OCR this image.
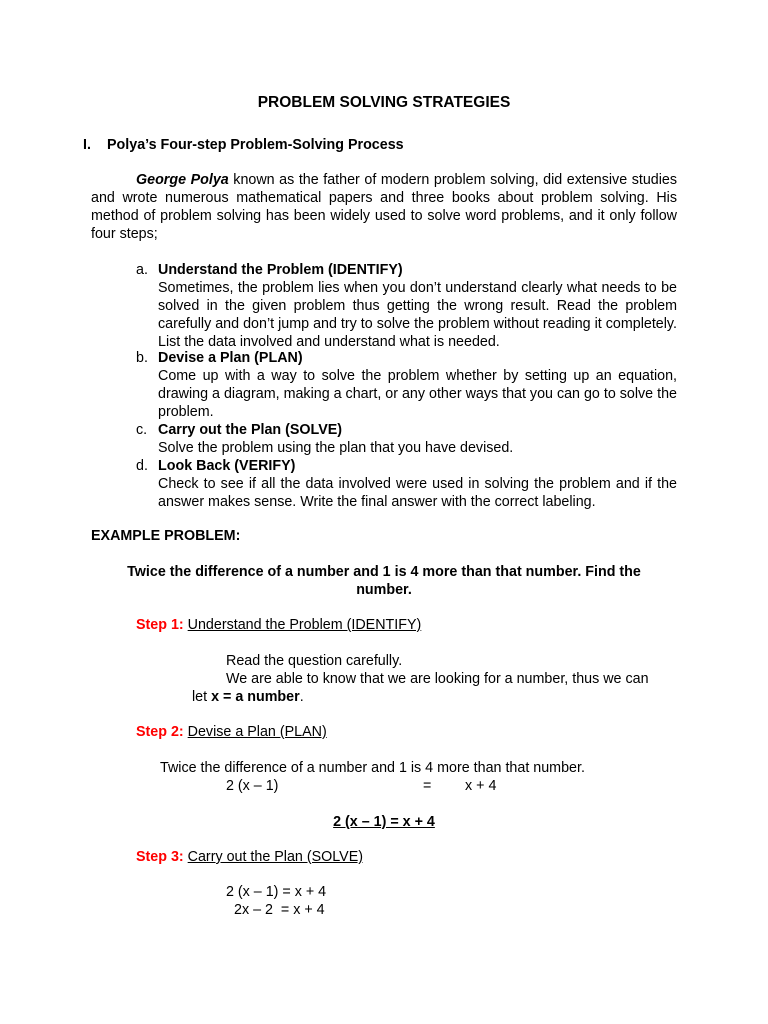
PROBLEM SOLVING STRATEGIES
I. Polya’s Four-step Problem-Solving Process
George Polya known as the father of modern problem solving, did extensive studies and wrote numerous mathematical papers and three books about problem solving. His method of problem solving has been widely used to solve word problems, and it only follow four steps;
a. Understand the Problem (IDENTIFY)
Sometimes, the problem lies when you don’t understand clearly what needs to be solved in the given problem thus getting the wrong result. Read the problem carefully and don’t jump and try to solve the problem without reading it completely. List the data involved and understand what is needed.
b. Devise a Plan (PLAN)
Come up with a way to solve the problem whether by setting up an equation, drawing a diagram, making a chart, or any other ways that you can go to solve the problem.
c. Carry out the Plan (SOLVE)
Solve the problem using the plan that you have devised.
d. Look Back (VERIFY)
Check to see if all the data involved were used in solving the problem and if the answer makes sense. Write the final answer with the correct labeling.
EXAMPLE PROBLEM:
Twice the difference of a number and 1 is 4 more than that number. Find the number.
Step 1: Understand the Problem (IDENTIFY)
Read the question carefully.
We are able to know that we are looking for a number, thus we can
let x = a number.
Step 2: Devise a Plan (PLAN)
Twice the difference of a number and 1 is 4 more than that number.
2 (x – 1)	= x + 4
2 (x – 1) = x + 4
Step 3: Carry out the Plan (SOLVE)
2 (x – 1) = x + 4
2x – 2  = x + 4
